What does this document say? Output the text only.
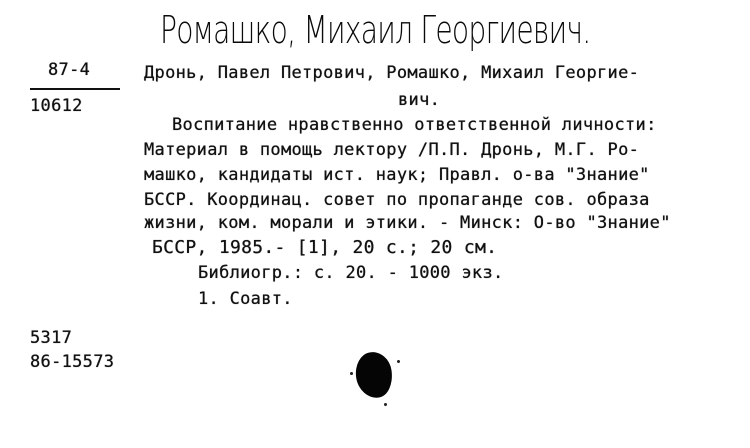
Ромашко, Михаил Георгиевич.
87-4
10612
Дронь, Павел Петрович, Ромашко, Михаил Георгие-
вич.
Воспитание нравственно ответственной личности:
Материал в помощь лектору /П.П. Дронь, М.Г. Ро-
машко, кандидаты ист. наук; Правл. о-ва "Знание"
БССР. Координац. совет по пропаганде сов. образа
жизни, ком. морали и этики. - Минск: О-во "Знание"
БССР, 1985.- [1], 20 с.; 20 см.
Библиогр.: с. 20. - 1000 экз.
1. Соавт.
5317
86-15573
